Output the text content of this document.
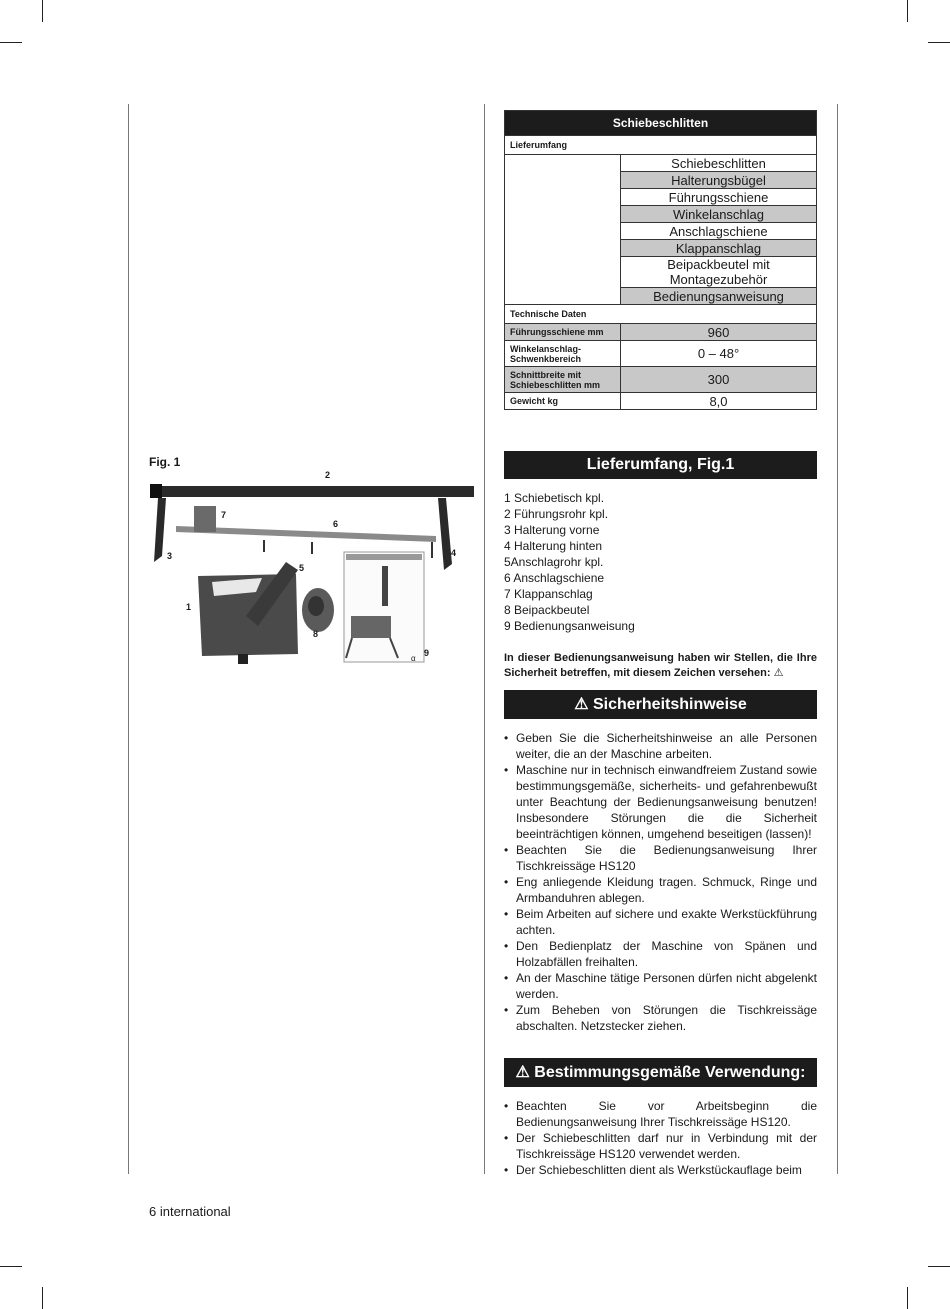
Schiebeschlitten	
Lieferumfang	
	Schiebeschlitten
	Halterungsbügel
	Führungsschiene
	Winkelanschlag
	Anschlagschiene
	Klappanschlag
	Beipackbeutel mit Montagezubehör
	Bedienungsanweisung
Technische Daten	
Führungsschiene mm	960
Winkelanschlag-Schwenkbereich	0 – 48°
Schnittbreite mit Schiebeschlitten mm	300
Gewicht kg	8,0
Fig. 1
2
7
6
3	4
5
1
8
9
α
Lieferumfang, Fig.1
1 Schiebetisch kpl.
2 Führungsrohr kpl.
3 Halterung vorne
4 Halterung hinten
5Anschlagrohr kpl.
6 Anschlagschiene
7 Klappanschlag
8 Beipackbeutel
9 Bedienungsanweisung
In dieser Bedienungsanweisung haben wir Stellen, die Ihre Sicherheit betreffen, mit diesem Zeichen versehen: ⚠
⚠ Sicherheitshinweise
• Geben Sie die Sicherheitshinweise an alle Personen weiter, die an der Maschine arbeiten.
• Maschine nur in technisch einwandfreiem Zustand sowie bestimmungsgemäße, sicherheits- und gefahrenbewußt unter Beachtung der Bedienungsanweisung benutzen! Insbesondere Störungen die die Sicherheit beeinträchtigen können, umgehend beseitigen (lassen)!
• Beachten Sie die Bedienungsanweisung Ihrer Tischkreissäge HS120
• Eng anliegende Kleidung tragen. Schmuck, Ringe und Armbanduhren ablegen.
• Beim Arbeiten auf sichere und exakte Werkstückführung achten.
• Den Bedienplatz der Maschine von Spänen und Holzabfällen freihalten.
• An der Maschine tätige Personen dürfen nicht abgelenkt werden.
• Zum Beheben von Störungen die Tischkreissäge abschalten. Netzstecker ziehen.
⚠ Bestimmungsgemäße Verwendung:
• Beachten Sie vor Arbeitsbeginn die Bedienungsanweisung Ihrer Tischkreissäge HS120.
• Der Schiebeschlitten darf nur in Verbindung mit der Tischkreissäge HS120 verwendet werden.
• Der Schiebeschlitten dient als Werkstückauflage beim
6 international
